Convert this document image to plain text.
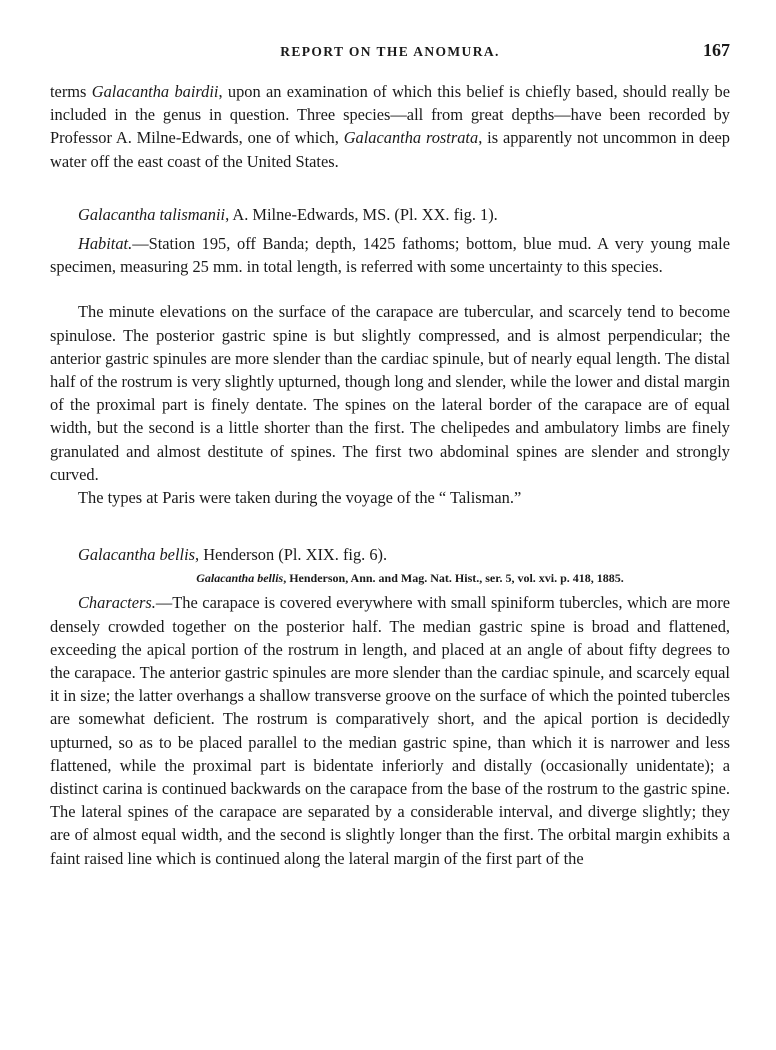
REPORT ON THE ANOMURA.	167

terms Galacantha bairdii, upon an examination of which this belief is chiefly based, should really be included in the genus in question. Three species—all from great depths—have been recorded by Professor A. Milne-Edwards, one of which, Galacantha rostrata, is apparently not uncommon in deep water off the east coast of the United States.

Galacantha talismanii, A. Milne-Edwards, MS. (Pl. XX. fig. 1).

Habitat.—Station 195, off Banda; depth, 1425 fathoms; bottom, blue mud. A very young male specimen, measuring 25 mm. in total length, is referred with some uncertainty to this species.

The minute elevations on the surface of the carapace are tubercular, and scarcely tend to become spinulose. The posterior gastric spine is but slightly compressed, and is almost perpendicular; the anterior gastric spinules are more slender than the cardiac spinule, but of nearly equal length. The distal half of the rostrum is very slightly upturned, though long and slender, while the lower and distal margin of the proximal part is finely dentate. The spines on the lateral border of the carapace are of equal width, but the second is a little shorter than the first. The chelipedes and ambulatory limbs are finely granulated and almost destitute of spines. The first two abdominal spines are slender and strongly curved.

The types at Paris were taken during the voyage of the “ Talisman.”

Galacantha bellis, Henderson (Pl. XIX. fig. 6).

Galacantha bellis, Henderson, Ann. and Mag. Nat. Hist., ser. 5, vol. xvi. p. 418, 1885.

Characters.—The carapace is covered everywhere with small spiniform tubercles, which are more densely crowded together on the posterior half. The median gastric spine is broad and flattened, exceeding the apical portion of the rostrum in length, and placed at an angle of about fifty degrees to the carapace. The anterior gastric spinules are more slender than the cardiac spinule, and scarcely equal it in size; the latter overhangs a shallow transverse groove on the surface of which the pointed tubercles are somewhat deficient. The rostrum is comparatively short, and the apical portion is decidedly upturned, so as to be placed parallel to the median gastric spine, than which it is narrower and less flattened, while the proximal part is bidentate inferiorly and distally (occasionally unidentate); a distinct carina is continued backwards on the carapace from the base of the rostrum to the gastric spine. The lateral spines of the carapace are separated by a considerable interval, and diverge slightly; they are of almost equal width, and the second is slightly longer than the first. The orbital margin exhibits a faint raised line which is continued along the lateral margin of the first part of the
